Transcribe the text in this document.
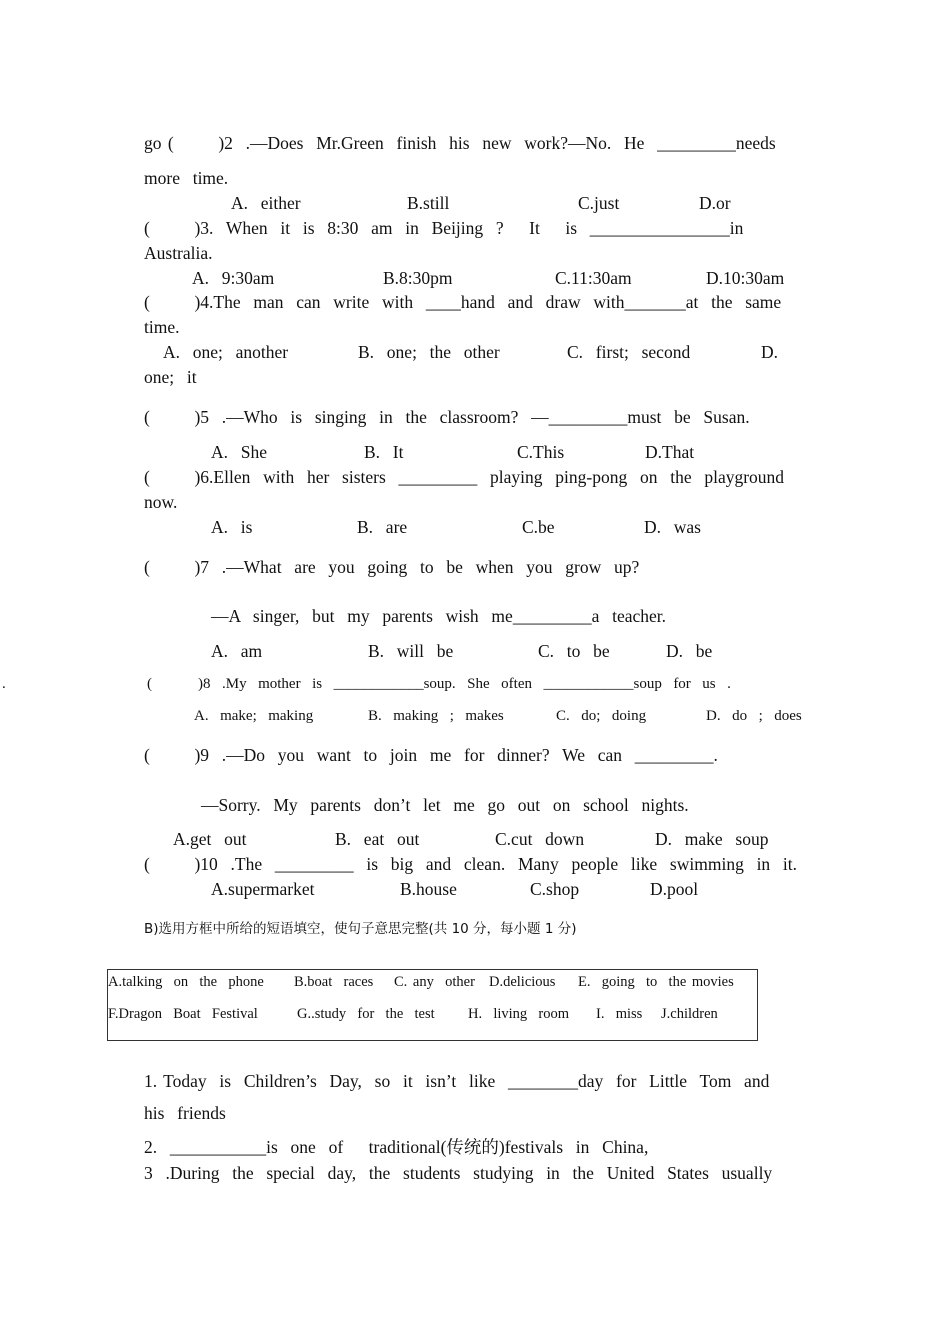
go (       )2  .—Does  Mr.Green  finish  his  new  work?—No.  He  _________needs
more  time.
A.  either	B.still	C.just	D.or
(       )3.  When  it  is  8:30  am  in  Beijing  ?    It    is  ________________in
Australia.
A.  9:30am	B.8:30pm	C.11:30am	D.10:30am
(       )4.The  man  can  write  with  ____hand  and  draw  with_______at  the  same
time.
A.  one;  another	B.  one;  the  other	C.  first;  second	D.
one;  it
(       )5  .—Who  is  singing  in  the  classroom?  —_________must  be  Susan.
A.  She	B.  It	C.This	D.That
(       )6.Ellen  with  her  sisters  _________  playing  ping-pong  on  the  playground
now.
A.  is	B.  are	C.be	D.  was
(       )7  .—What  are  you  going  to  be  when  you  grow  up?
—A  singer,  but  my  parents  wish  me_________a  teacher.
A.  am	B.  will  be	C.  to  be	D.  be
.	(        )8  .My  mother  is  ____________soup.  She  often  ____________soup  for  us  .
A.  make;  making	B.  making  ;  makes	C.  do;  doing	D.  do  ;  does
(       )9  .—Do  you  want  to  join  me  for  dinner?  We  can  _________.
—Sorry.  My  parents  don’t  let  me  go  out  on  school  nights.
A.get  out	B.  eat  out	C.cut  down	D.  make  soup
(       )10  .The  _________  is  big  and  clean.  Many  people  like  swimming  in  it.
A.supermarket	B.house	C.shop	D.pool
B)选用方框中所给的短语填空，使句子意思完整(共 10 分，每小题 1 分)
A.talking  on  the  phone B.boat  races C. any  other D.delicious E.  going  to  the movies
F.Dragon  Boat  Festival	G..study  for  the  test H.  living  room I.  miss J.children
1. Today  is  Children’s  Day,  so  it  isn’t  like  ________day  for  Little  Tom  and
his  friends
2.  ___________is  one  of    traditional(传统的)festivals  in  China,
3  .During  the  special  day,  the  students  studying  in  the  United  States  usually
